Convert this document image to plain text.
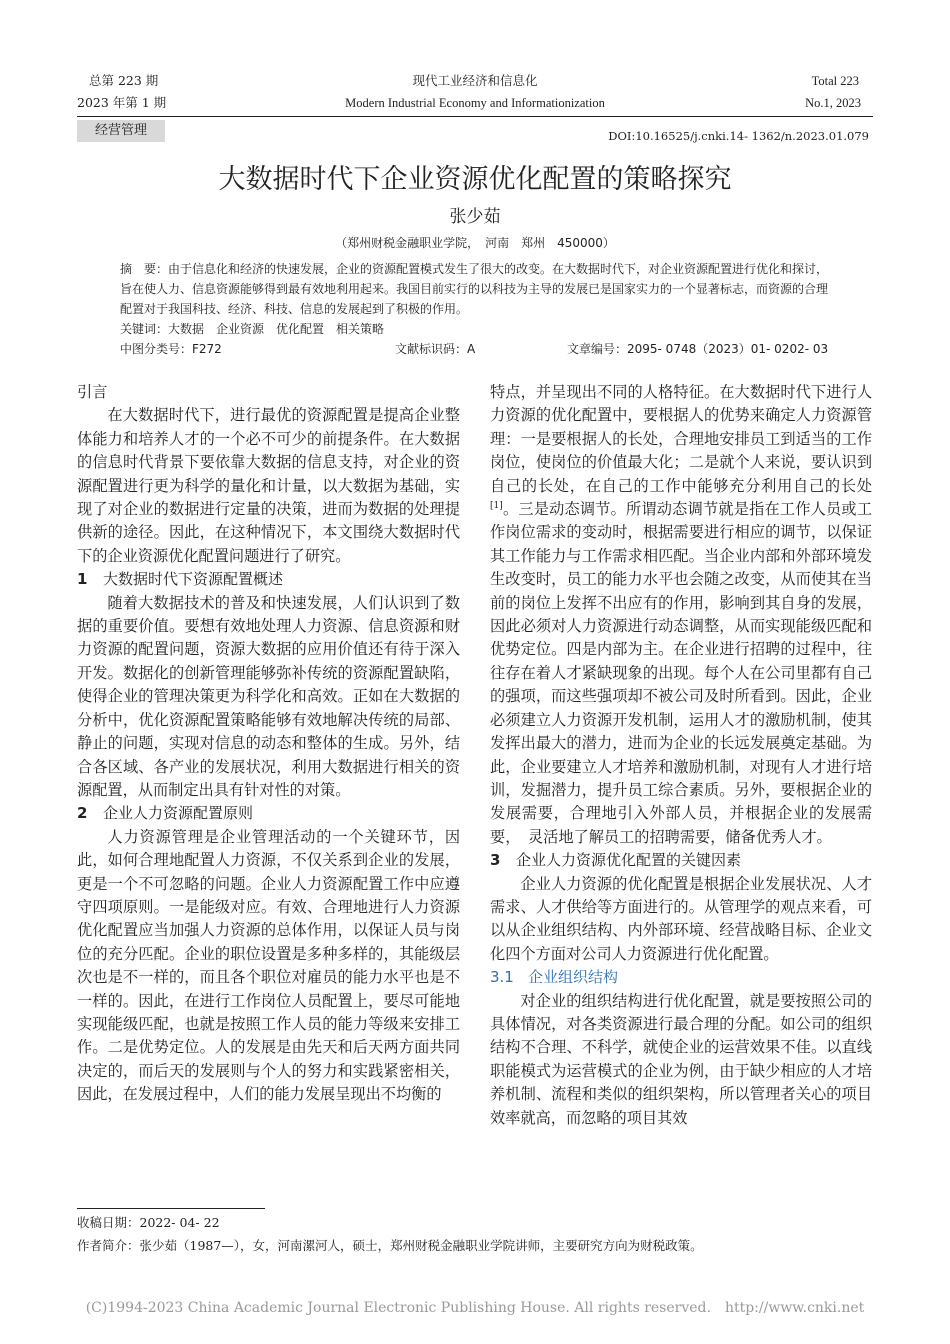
总第 223 期
2023 年第 1 期
现代工业经济和信息化
Modern Industrial Economy and Informationization
Total 223
No.1, 2023
经营管理	DOI:10.16525/j.cnki.14- 1362/n.2023.01.079
大数据时代下企业资源优化配置的策略探究
张少茹
（郑州财税金融职业学院，　河南　郑州　450000）

摘　要：由于信息化和经济的快速发展，企业的资源配置模式发生了很大的改变。在大数据时代下，对企业资源配置进行优化和探讨，旨在使人力、信息资源能够得到最有效地利用起来。我国目前实行的以科技为主导的发展已是国家实力的一个显著标志，而资源的合理配置对于我国科技、经济、科技、信息的发展起到了积极的作用。

关键词：大数据　企业资源　优化配置　相关策略

中图分类号：F272	文献标识码：A	文章编号：2095- 0748（2023）01- 0202- 03

引言

在大数据时代下，进行最优的资源配置是提高企业整体能力和培养人才的一个必不可少的前提条件。在大数据的信息时代背景下要依靠大数据的信息支持，对企业的资源配置进行更为科学的量化和计量，以大数据为基础，实现了对企业的数据进行定量的决策，进而为数据的处理提供新的途径。因此，在这种情况下，本文围绕大数据时代下的企业资源优化配置问题进行了研究。

1 大数据时代下资源配置概述

随着大数据技术的普及和快速发展，人们认识到了数据的重要价值。要想有效地处理人力资源、信息资源和财力资源的配置问题，资源大数据的应用价值还有待于深入开发。数据化的创新管理能够弥补传统的资源配置缺陷，使得企业的管理决策更为科学化和高效。正如在大数据的分析中，优化资源配置策略能够有效地解决传统的局部、静止的问题，实现对信息的动态和整体的生成。另外，结合各区域、各产业的发展状况，利用大数据进行相关的资源配置，从而制定出具有针对性的对策。

2 企业人力资源配置原则

人力资源管理是企业管理活动的一个关键环节，因此，如何合理地配置人力资源，不仅关系到企业的发展，更是一个不可忽略的问题。企业人力资源配置工作中应遵守四项原则。一是能级对应。有效、合理地进行人力资源优化配置应当加强人力资源的总体作用，以保证人员与岗位的充分匹配。企业的职位设置是多种多样的，其能级层次也是不一样的，而且各个职位对雇员的能力水平也是不一样的。因此，在进行工作岗位人员配置上，要尽可能地实现能级匹配，也就是按照工作人员的能力等级来安排工作。二是优势定位。人的发展是由先天和后天两方面共同决定的，而后天的发展则与个人的努力和实践紧密相关，因此，在发展过程中，人们的能力发展呈现出不均衡的

特点，并呈现出不同的人格特征。在大数据时代下进行人力资源的优化配置中，要根据人的优势来确定人力资源管理：一是要根据人的长处，合理地安排员工到适当的工作岗位，使岗位的价值最大化；二是就个人来说，要认识到自己的长处，在自己的工作中能够充分利用自己的长处[1]。三是动态调节。所谓动态调节就是指在工作人员或工作岗位需求的变动时，根据需要进行相应的调节，以保证其工作能力与工作需求相匹配。当企业内部和外部环境发生改变时，员工的能力水平也会随之改变，从而使其在当前的岗位上发挥不出应有的作用，影响到其自身的发展，因此必须对人力资源进行动态调整，从而实现能级匹配和优势定位。四是内部为主。在企业进行招聘的过程中，往往存在着人才紧缺现象的出现。每个人在公司里都有自己的强项，而这些强项却不被公司及时所看到。因此，企业必须建立人力资源开发机制，运用人才的激励机制，使其发挥出最大的潜力，进而为企业的长远发展奠定基础。为此，企业要建立人才培养和激励机制，对现有人才进行培训，发掘潜力，提升员工综合素质。另外，要根据企业的发展需要，合理地引入外部人员，并根据企业的发展需要，　灵活地了解员工的招聘需要，储备优秀人才。

3 企业人力资源优化配置的关键因素

企业人力资源的优化配置是根据企业发展状况、人才需求、人才供给等方面进行的。从管理学的观点来看，可以从企业组织结构、内外部环境、经营战略目标、企业文化四个方面对公司人力资源进行优化配置。

3.1 企业组织结构

对企业的组织结构进行优化配置，就是要按照公司的具体情况，对各类资源进行最合理的分配。如公司的组织结构不合理、不科学，就使企业的运营效果不佳。以直线职能模式为运营模式的企业为例，由于缺少相应的人才培养机制、流程和类似的组织架构，所以管理者关心的项目效率就高，而忽略的项目其效

收稿日期：2022- 04- 22
作者简介：张少茹（1987—），女，河南漯河人，硕士，郑州财税金融职业学院讲师，主要研究方向为财税政策。
(C)1994-2023 China Academic Journal Electronic Publishing House. All rights reserved.　http://www.cnki.net
